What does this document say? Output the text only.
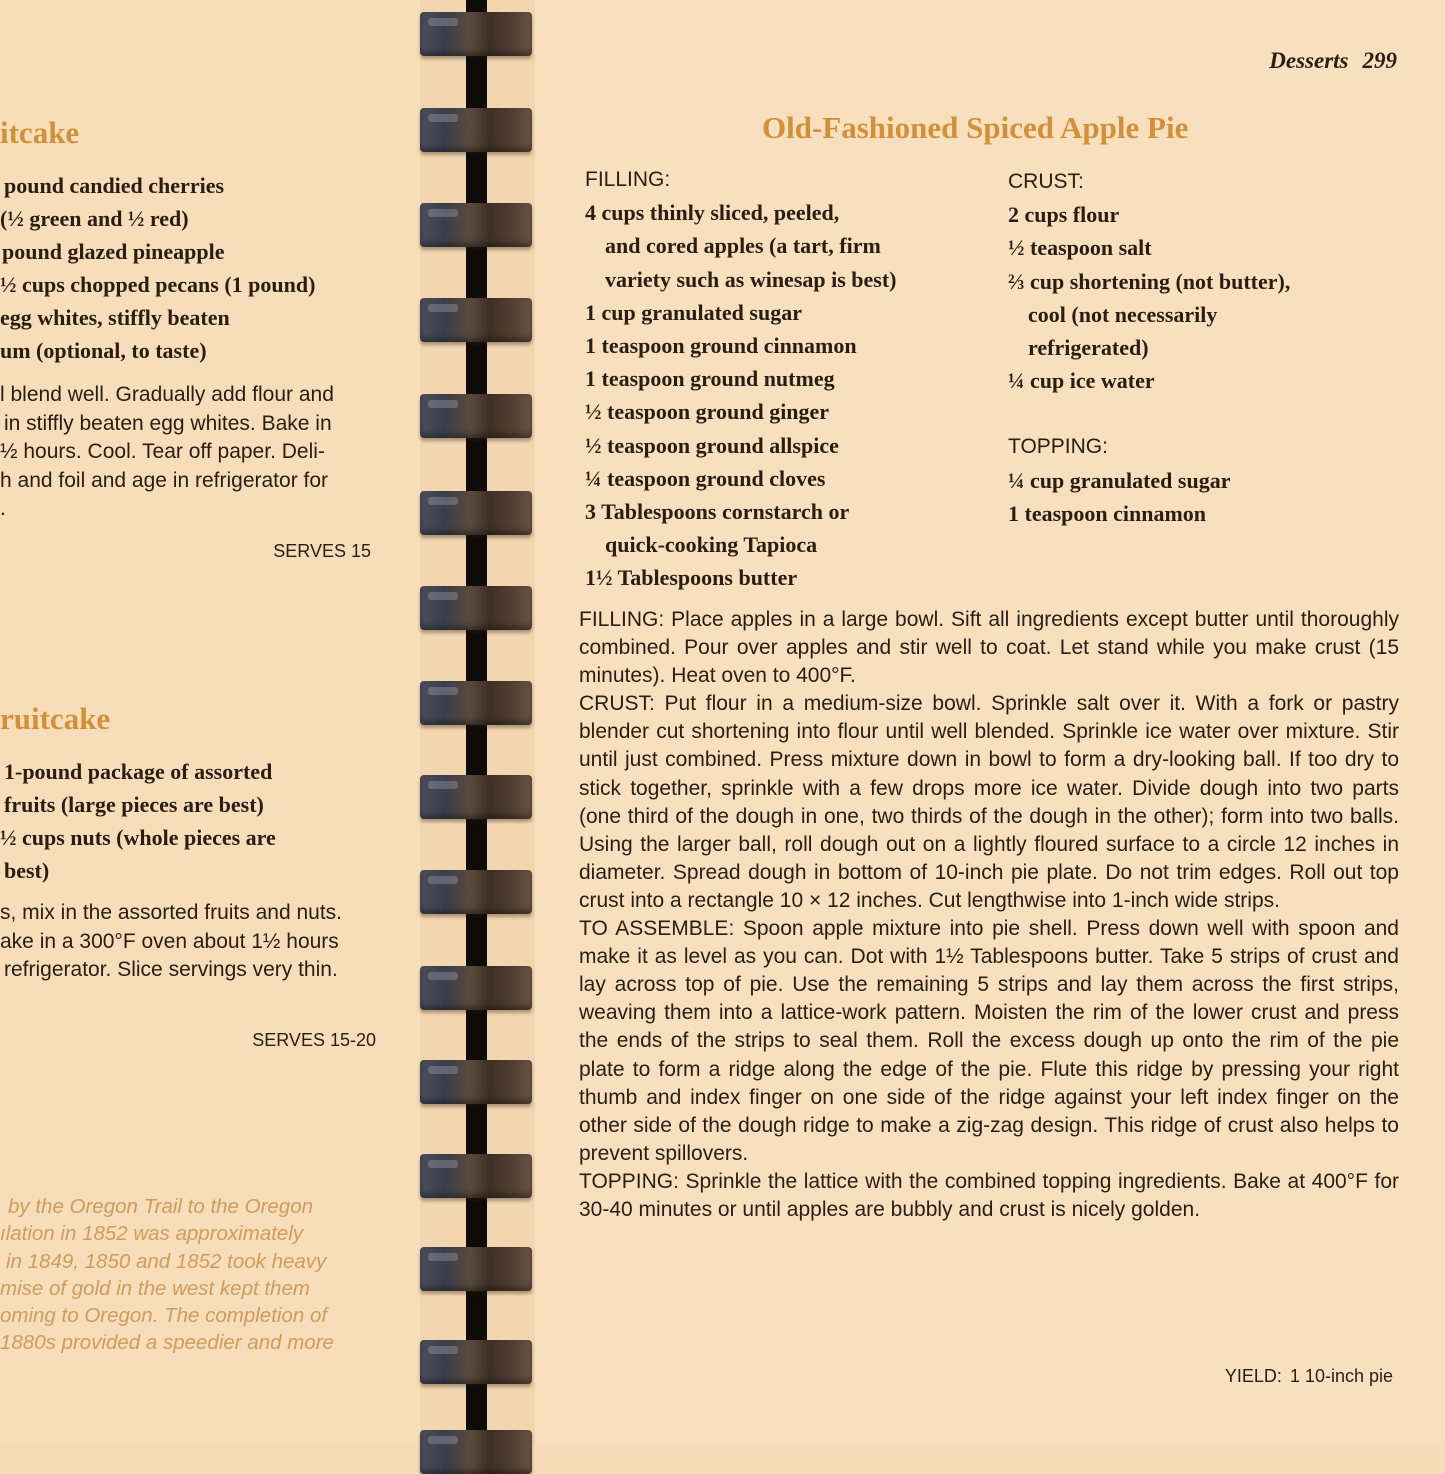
itcake
pound candied cherries
(½ green and ½ red)
pound glazed pineapple
½ cups chopped pecans (1 pound)
egg whites, stiffly beaten
um (optional, to taste)
l blend well. Gradually add flour and
in stiffly beaten egg whites. Bake in
½ hours. Cool. Tear off paper. Deli-
h and foil and age in refrigerator for
.
SERVES 15
ruitcake
1-pound package of assorted
fruits (large pieces are best)
½ cups nuts (whole pieces are
best)
s, mix in the assorted fruits and nuts.
ake in a 300°F oven about 1½ hours
refrigerator. Slice servings very thin.
SERVES 15-20
by the Oregon Trail to the Oregon
ılation in 1852 was approximately
in 1849, 1850 and 1852 took heavy
mise of gold in the west kept them
oming to Oregon. The completion of
1880s provided a speedier and more
Desserts 299
Old-Fashioned Spiced Apple Pie
FILLING:
4 cups thinly sliced, peeled,
and cored apples (a tart, firm
variety such as winesap is best)
1 cup granulated sugar
1 teaspoon ground cinnamon
1 teaspoon ground nutmeg
½ teaspoon ground ginger
½ teaspoon ground allspice
¼ teaspoon ground cloves
3 Tablespoons cornstarch or
quick-cooking Tapioca
1½ Tablespoons butter
CRUST:
2 cups flour
½ teaspoon salt
⅔ cup shortening (not butter),
cool (not necessarily
refrigerated)
¼ cup ice water
TOPPING:
¼ cup granulated sugar
1 teaspoon cinnamon

FILLING: Place apples in a large bowl. Sift all ingredients except butter until thoroughly combined. Pour over apples and stir well to coat. Let stand while you make crust (15 minutes). Heat oven to 400°F.

CRUST: Put flour in a medium-size bowl. Sprinkle salt over it. With a fork or pastry blender cut shortening into flour until well blended. Sprinkle ice water over mixture. Stir until just combined. Press mixture down in bowl to form a dry-looking ball. If too dry to stick together, sprinkle with a few drops more ice water. Divide dough into two parts (one third of the dough in one, two thirds of the dough in the other); form into two balls. Using the larger ball, roll dough out on a lightly floured surface to a circle 12 inches in diameter. Spread dough in bottom of 10-inch pie plate. Do not trim edges. Roll out top crust into a rectangle 10 × 12 inches. Cut lengthwise into 1-inch wide strips.

TO ASSEMBLE: Spoon apple mixture into pie shell. Press down well with spoon and make it as level as you can. Dot with 1½ Tablespoons butter. Take 5 strips of crust and lay across top of pie. Use the remaining 5 strips and lay them across the first strips, weaving them into a lattice-work pattern. Moisten the rim of the lower crust and press the ends of the strips to seal them. Roll the excess dough up onto the rim of the pie plate to form a ridge along the edge of the pie. Flute this ridge by pressing your right thumb and index finger on one side of the ridge against your left index finger on the other side of the dough ridge to make a zig-zag design. This ridge of crust also helps to prevent spillovers.

TOPPING: Sprinkle the lattice with the combined topping ingredients. Bake at 400°F for 30-40 minutes or until apples are bubbly and crust is nicely golden.

YIELD: 1 10-inch pie
